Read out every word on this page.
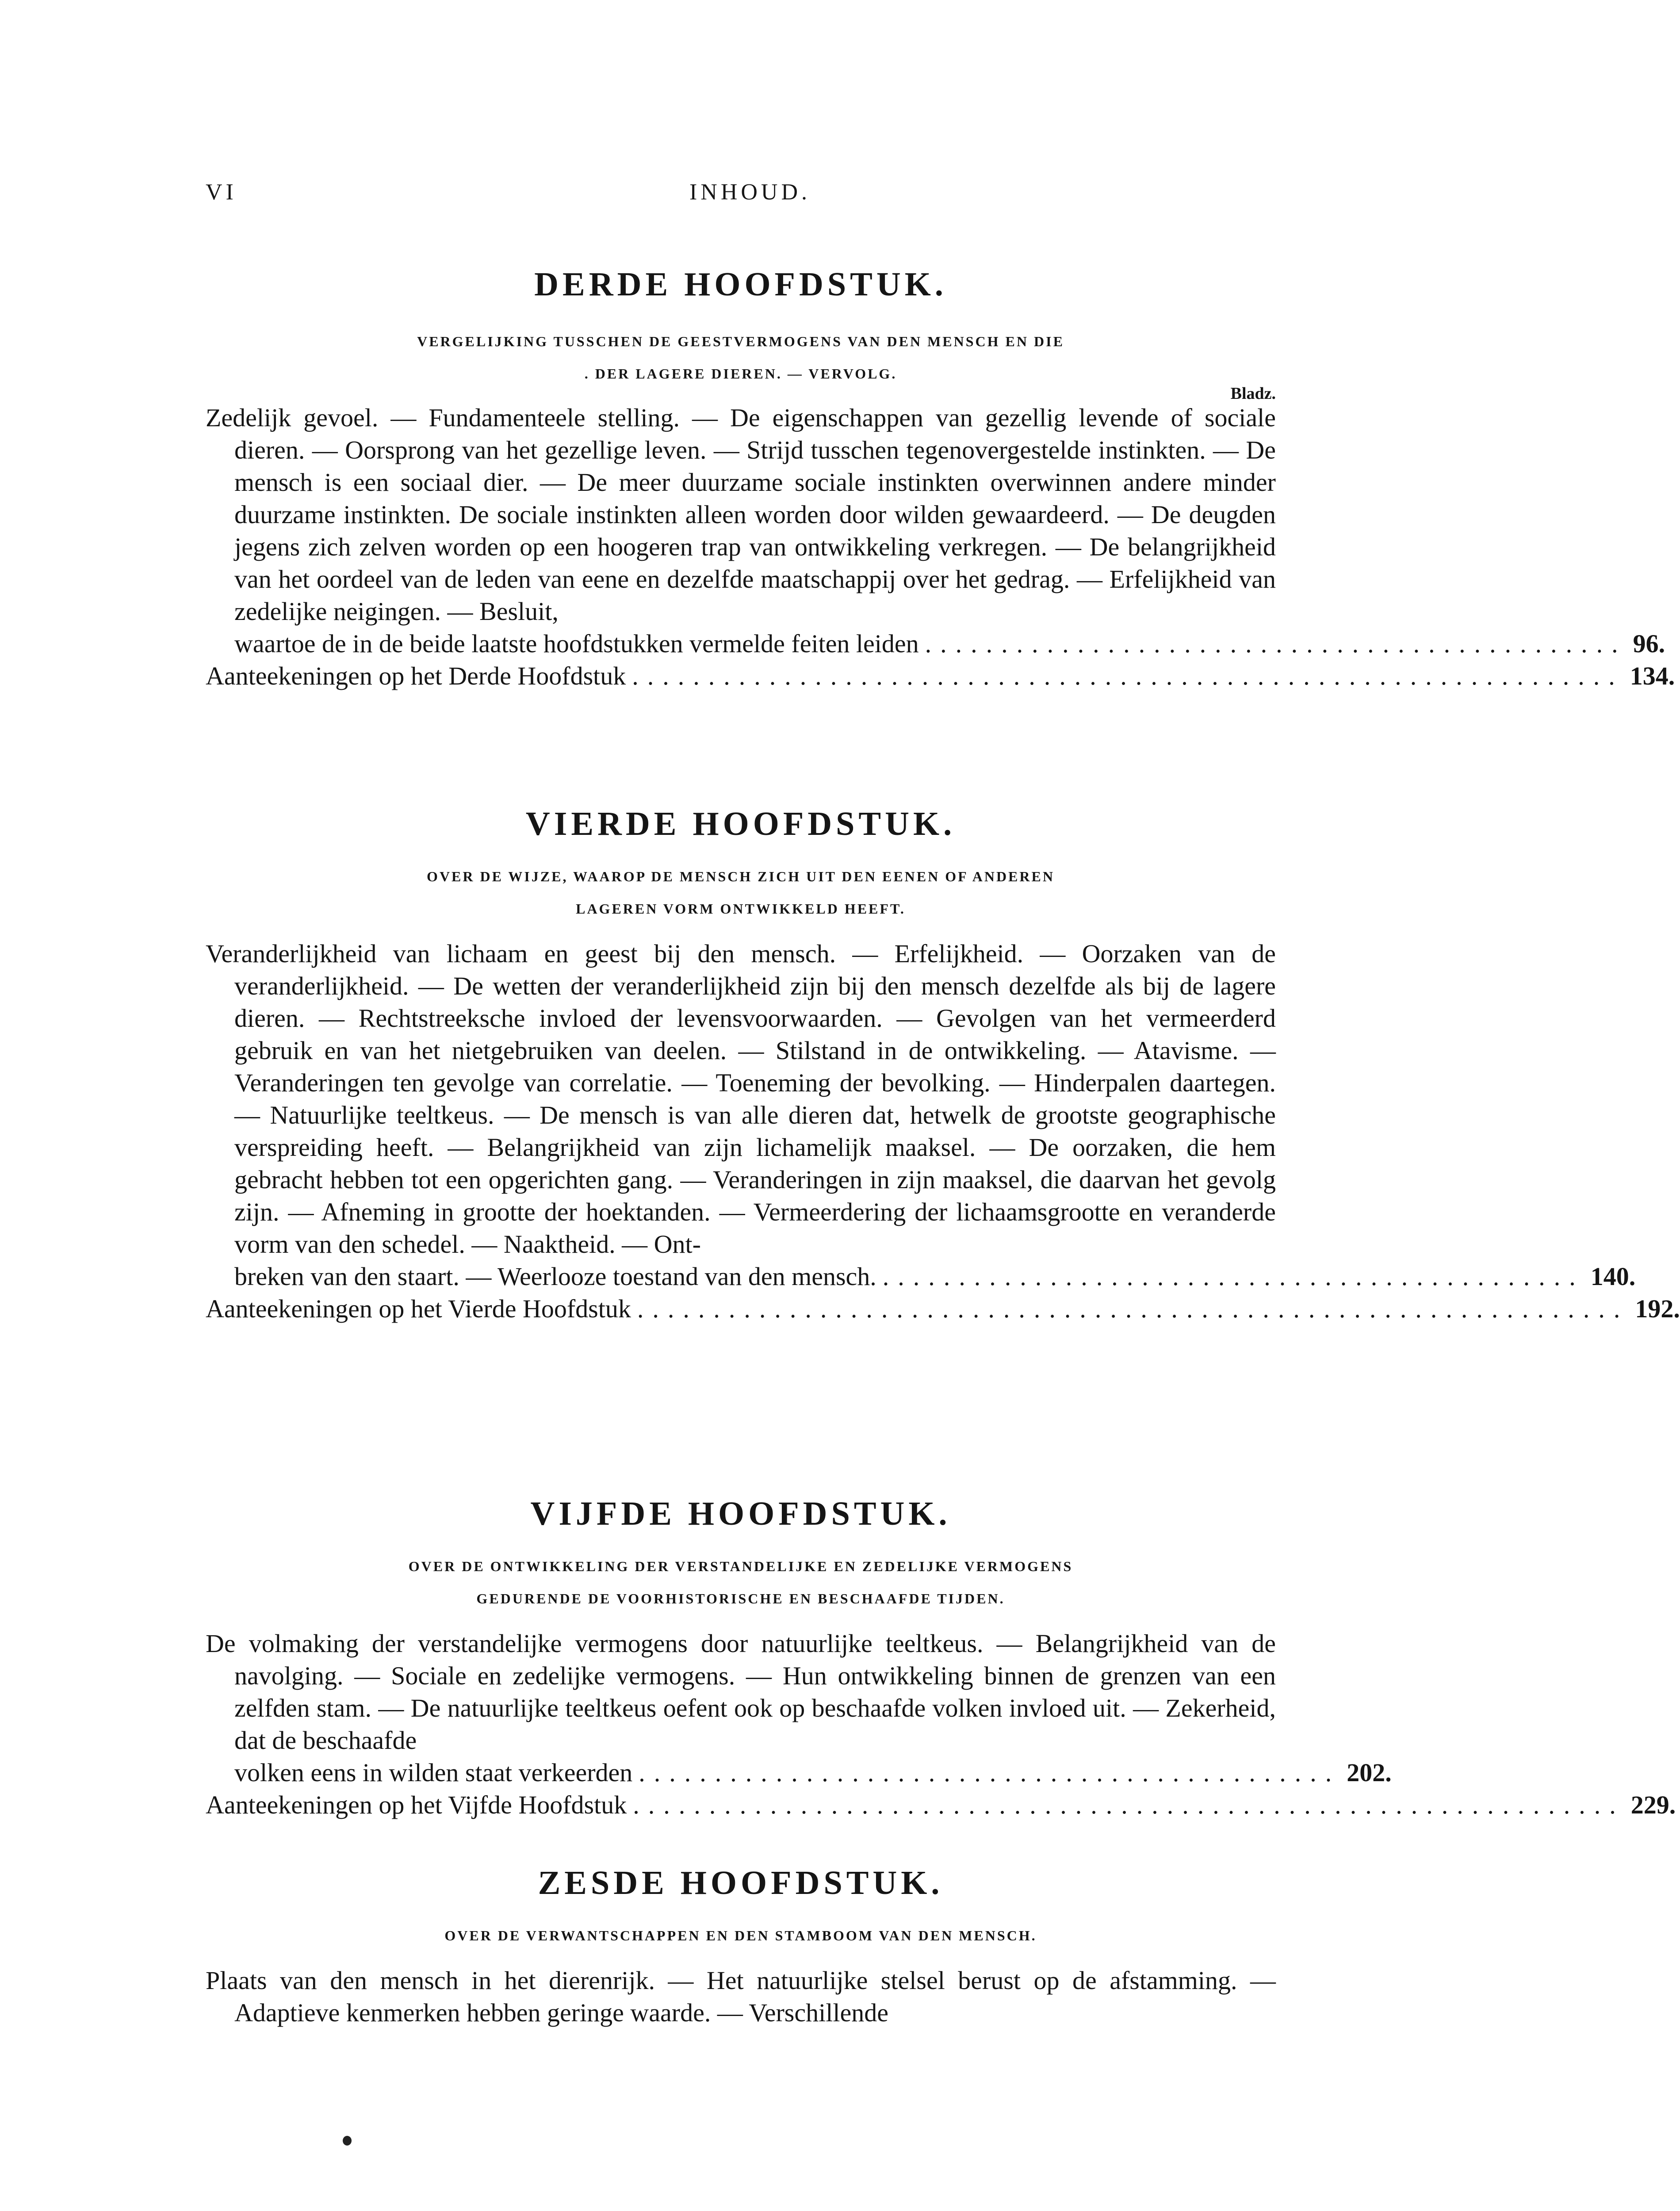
VI	INHOUD.
DERDE HOOFDSTUK.

VERGELIJKING TUSSCHEN DE GEESTVERMOGENS VAN DEN MENSCH EN DIE

. DER LAGERE DIEREN. — VERVOLG.

Bladz.
Zedelijk gevoel. — Fundamenteele stelling. — De eigenschappen van gezellig levende of sociale dieren. — Oorsprong van het gezellige leven. — Strijd tusschen tegenovergestelde instinkten. — De mensch is een sociaal dier. — De meer duurzame sociale instinkten overwinnen andere minder duurzame instinkten. De sociale instinkten alleen worden door wilden gewaardeerd. — De deugden jegens zich zelven worden op een hoogeren trap van ontwikkeling verkregen. — De belangrijkheid van het oordeel van de leden van eene en dezelfde maatschappij over het gedrag. — Erfelijkheid van zedelijke neigingen. — Besluit,
waartoe de in de beide laatste hoofdstukken vermelde feiten leiden .............................................. 96.
Aanteekeningen op het Derde Hoofdstuk ................................................................. 134.
VIERDE HOOFDSTUK.

OVER DE WIJZE, WAAROP DE MENSCH ZICH UIT DEN EENEN OF ANDEREN

LAGEREN VORM ONTWIKKELD HEEFT.

Veranderlijkheid van lichaam en geest bij den mensch. — Erfelijkheid. — Oorzaken van de veranderlijkheid. — De wetten der veranderlijkheid zijn bij den mensch dezelfde als bij de lagere dieren. — Rechtstreeksche invloed der levensvoorwaarden. — Gevolgen van het vermeerderd gebruik en van het nietgebruiken van deelen. — Stilstand in de ontwikkeling. — Atavisme. — Veranderingen ten gevolge van correlatie. — Toeneming der bevolking. — Hinderpalen daartegen. — Natuurlijke teeltkeus. — De mensch is van alle dieren dat, hetwelk de grootste geographische verspreiding heeft. — Belangrijkheid van zijn lichamelijk maaksel. — De oorzaken, die hem gebracht hebben tot een opgerichten gang. — Veranderingen in zijn maaksel, die daarvan het gevolg zijn. — Afneming in grootte der hoektanden. — Vermeerdering der lichaamsgrootte en veranderde vorm van den schedel. — Naaktheid. — Ont-
breken van den staart. — Weerlooze toestand van den mensch. .............................................. 140.
Aanteekeningen op het Vierde Hoofdstuk ................................................................. 192.
VIJFDE HOOFDSTUK.

OVER DE ONTWIKKELING DER VERSTANDELIJKE EN ZEDELIJKE VERMOGENS

GEDURENDE DE VOORHISTORISCHE EN BESCHAAFDE TIJDEN.

De volmaking der verstandelijke vermogens door natuurlijke teeltkeus. — Belangrijkheid van de navolging. — Sociale en zedelijke vermogens. — Hun ontwikkeling binnen de grenzen van een zelfden stam. — De natuurlijke teeltkeus oefent ook op beschaafde volken invloed uit. — Zekerheid, dat de beschaafde
volken eens in wilden staat verkeerden .............................................. 202.
Aanteekeningen op het Vijfde Hoofdstuk ................................................................. 229.
ZESDE HOOFDSTUK.

OVER DE VERWANTSCHAPPEN EN DEN STAMBOOM VAN DEN MENSCH.

Plaats van den mensch in het dierenrijk. — Het natuurlijke stelsel berust op de afstamming. — Adaptieve kenmerken hebben geringe waarde. — Verschillende
